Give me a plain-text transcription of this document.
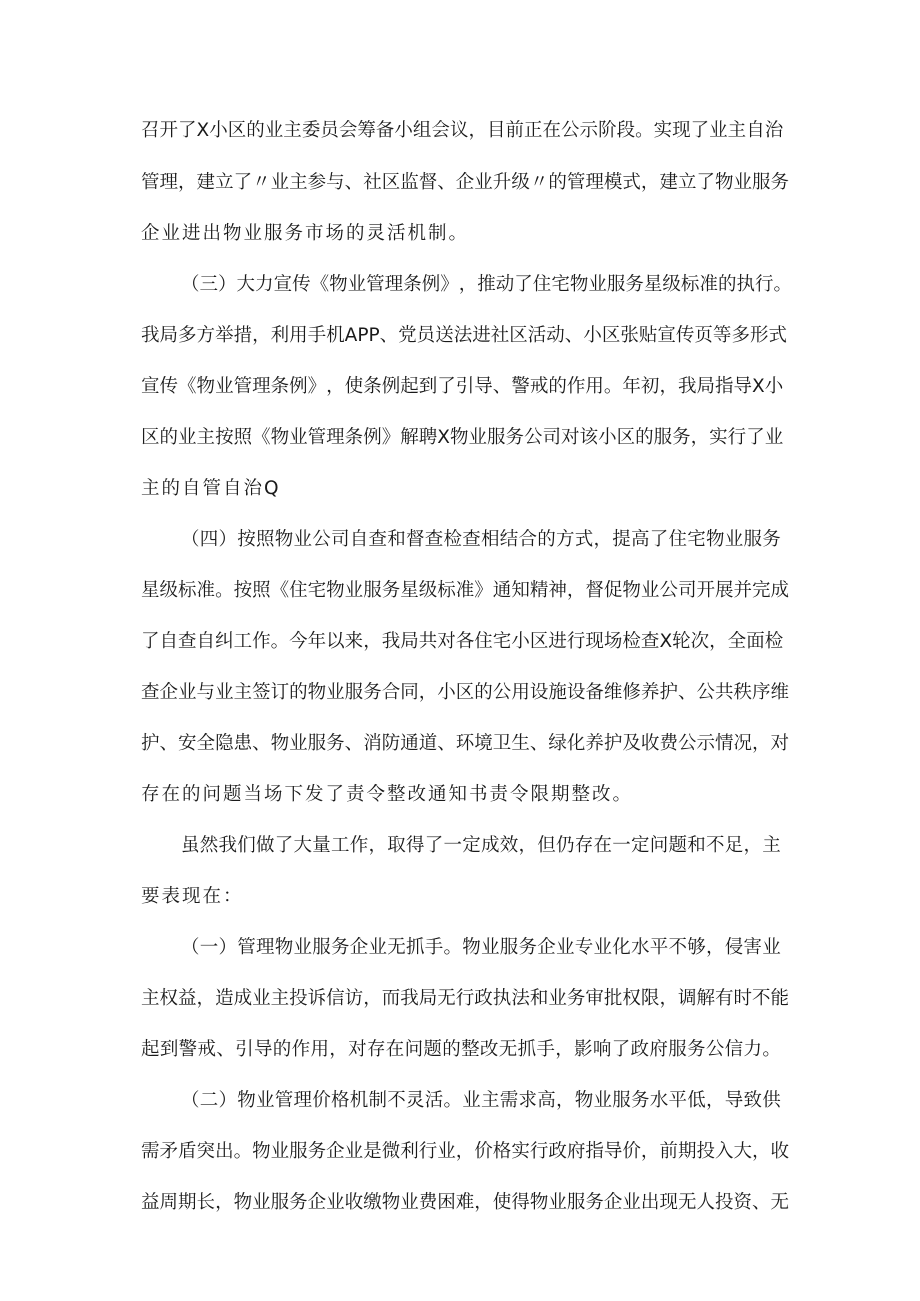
召 开 了 X 小 区 的 业 主 委 员 会 筹 备 小 组 会 议 ， 目 前 正 在 公 示 阶 段 。 实 现 了 业 主 自 治
管 理 ， 建 立 了 〃 业 主 参 与 、 社 区 监 督 、 企 业 升 级 〃 的 管 理 模 式 ， 建 立 了 物 业 服 务
企业进出物业服务市场的灵活机制。
（ 三 ） 大 力 宣 传 《 物 业 管 理 条 例 》 ， 推 动 了 住 宅 物 业 服 务 星 级 标 准 的 执 行 。
我 局 多 方 举 措 ， 利 用 手 机 A P P 、 党 员 送 法 进 社 区 活 动 、 小 区 张 贴 宣 传 页 等 多 形 式
宣 传 《 物 业 管 理 条 例 》 ， 使 条 例 起 到 了 引 导 、 警 戒 的 作 用 。 年 初 ， 我 局 指 导 X 小
区 的 业 主 按 照 《 物 业 管 理 条 例 》 解 聘 X 物 业 服 务 公 司 对 该 小 区 的 服 务 ， 实 行 了 业
主的自管自治Q
（ 四 ） 按 照 物 业 公 司 自 查 和 督 查 检 查 相 结 合 的 方 式 ， 提 高 了 住 宅 物 业 服 务
星 级 标 准 。 按 照 《 住 宅 物 业 服 务 星 级 标 准 》 通 知 精 神 ， 督 促 物 业 公 司 开 展 并 完 成
了 自 查 自 纠 工 作 。 今 年 以 来 ， 我 局 共 对 各 住 宅 小 区 进 行 现 场 检 查 X 轮 次 ， 全 面 检
查 企 业 与 业 主 签 订 的 物 业 服 务 合 同 ， 小 区 的 公 用 设 施 设 备 维 修 养 护 、 公 共 秩 序 维
护 、 安 全 隐 患 、 物 业 服 务 、 消 防 通 道 、 环 境 卫 生 、 绿 化 养 护 及 收 费 公 示 情 况 ， 对
存在的问题当场下发了责令整改通知书责令限期整改。
虽 然 我 们 做 了 大 量 工 作 ， 取 得 了 一 定 成 效 ， 但 仍 存 在 一 定 问 题 和 不 足 ， 主
要表现在：
（ 一 ） 管 理 物 业 服 务 企 业 无 抓 手 。 物 业 服 务 企 业 专 业 化 水 平 不 够 ， 侵 害 业
主 权 益 ， 造 成 业 主 投 诉 信 访 ， 而 我 局 无 行 政 执 法 和 业 务 审 批 权 限 ， 调 解 有 时 不 能
起 到 警 戒 、 引 导 的 作 用 ， 对 存 在 问 题 的 整 改 无 抓 手 ， 影 响 了 政 府 服 务 公 信 力 。
（ 二 ） 物 业 管 理 价 格 机 制 不 灵 活 。 业 主 需 求 高 ， 物 业 服 务 水 平 低 ， 导 致 供
需 矛 盾 突 出 。 物 业 服 务 企 业 是 微 利 行 业 ， 价 格 实 行 政 府 指 导 价 ， 前 期 投 入 大 ， 收
益 周 期 长 ， 物 业 服 务 企 业 收 缴 物 业 费 困 难 ， 使 得 物 业 服 务 企 业 出 现 无 人 投 资 、 无
